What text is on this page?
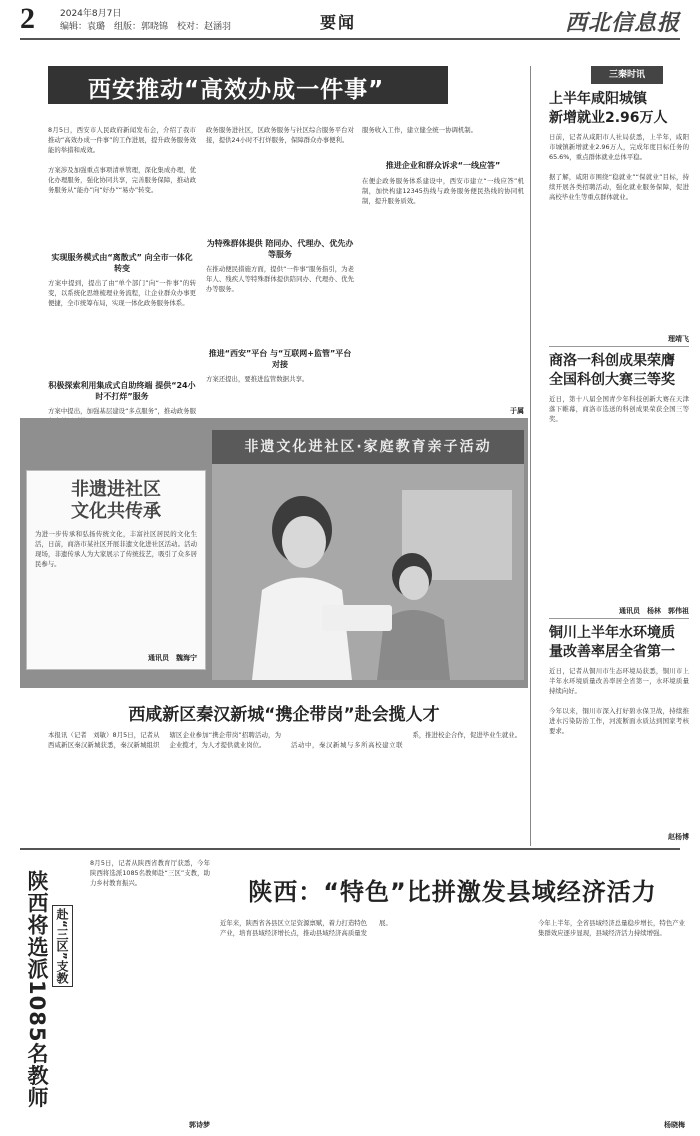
2	2024年8月7日
编辑：袁璐　组版：郭晓锦　校对：赵涵羽	要闻	西北信息报
西安推动“高效办成一件事”
8月5日，西安市人民政府新闻发布会，介绍了我市推动“高效办成一件事”的工作进展，提升政务服务效能的举措和成效。

方案涉及加强重点事项清单管理，深化集成办理，优化办理服务，强化协同共享，完善服务保障，推动政务服务从“能办”向“好办”“易办”转变。
实现服务模式由“离散式” 向全市一体化转变
方案中提到，提出了由“单个部门”向“一件事”的转变，以系统化思维梳理业务流程，让企业群众办事更便捷，全市统筹布局，实现一体化政务服务体系。
积极探索利用集成式自助终端 提供“24小时不打烊”服务
方案中提出，加强基层建设“多点服务”，推动政务服
政务服务进社区，区政务服务与社区综合服务平台对接，提供24小时不打烊服务，保障群众办事便利。
为特殊群体提供 陪同办、代理办、优先办等服务
在推动便民措施方面，提供“一件事”服务指引，为老年人、残疾人等特殊群体提供陪同办、代理办、优先办等服务。
推进“西安”平台 与“互联网+监管”平台对接
方案还提出，要推进监管数据共享。
服务收入工作，建立健全统一协调机制。
推进企业和群众诉求“一线应答”
在便企政务服务体系建设中，西安市建立“一线应答”机制，加快构建12345热线与政务服务便民热线的协同机制，提升服务质效。
于属
三秦时讯
上半年咸阳城镇
新增就业2.96万人
日前，记者从咸阳市人社局获悉，上半年，咸阳市城镇新增就业2.96万人，完成年度目标任务的65.6%，重点群体就业总体平稳。

据了解，咸阳市围绕“稳就业”“保就业”目标，持续开展各类招聘活动，强化就业服务保障，促进高校毕业生等重点群体就业。
理靖飞
商洛一科创成果荣膺
全国科创大赛三等奖
近日，第十八届全国青少年科技创新大赛在天津落下帷幕，商洛市选送的科创成果荣获全国三等奖。
通讯员　杨林　郭伟祖
铜川上半年水环境质
量改善率居全省第一
近日，记者从铜川市生态环境局获悉，铜川市上半年水环境质量改善率居全省第一，水环境质量持续向好。

今年以来，铜川市深入打好碧水保卫战，持续推进水污染防治工作，河流断面水质达到国家考核要求。
赵杨博
非遗进社区
文化共传承
为进一步传承和弘扬传统文化，丰富社区居民的文化生活，日前，商洛市某社区开展非遗文化进社区活动。活动现场，非遗传承人为大家展示了传统技艺，吸引了众多居民参与。
通讯员　魏海宁
非遗文化进社区·家庭教育亲子活动
西咸新区秦汉新城“携企带岗”赴会揽人才
本报讯（记者　刘敏）8月5日，记者从西咸新区秦汉新城获悉，秦汉新城组织辖区企业参加“携企带岗”招聘活动，为企业揽才，为人才提供就业岗位。

活动中，秦汉新城与多所高校建立联系，推进校企合作，促进毕业生就业。
8月5日，记者从陕西省教育厅获悉，今年陕西将选派1085名教师赴“三区”支教，助力乡村教育振兴。
陕西将选派1085名教师 赴“三区”支教
郭诗梦
陕西：“特色”比拼激发县域经济活力
近年来，陕西省各县区立足资源禀赋，着力打造特色产业，培育县域经济增长点，推动县域经济高质量发展。

今年上半年，全省县域经济总量稳步增长，特色产业集群效应逐步显现，县域经济活力持续增强。
杨晓梅
